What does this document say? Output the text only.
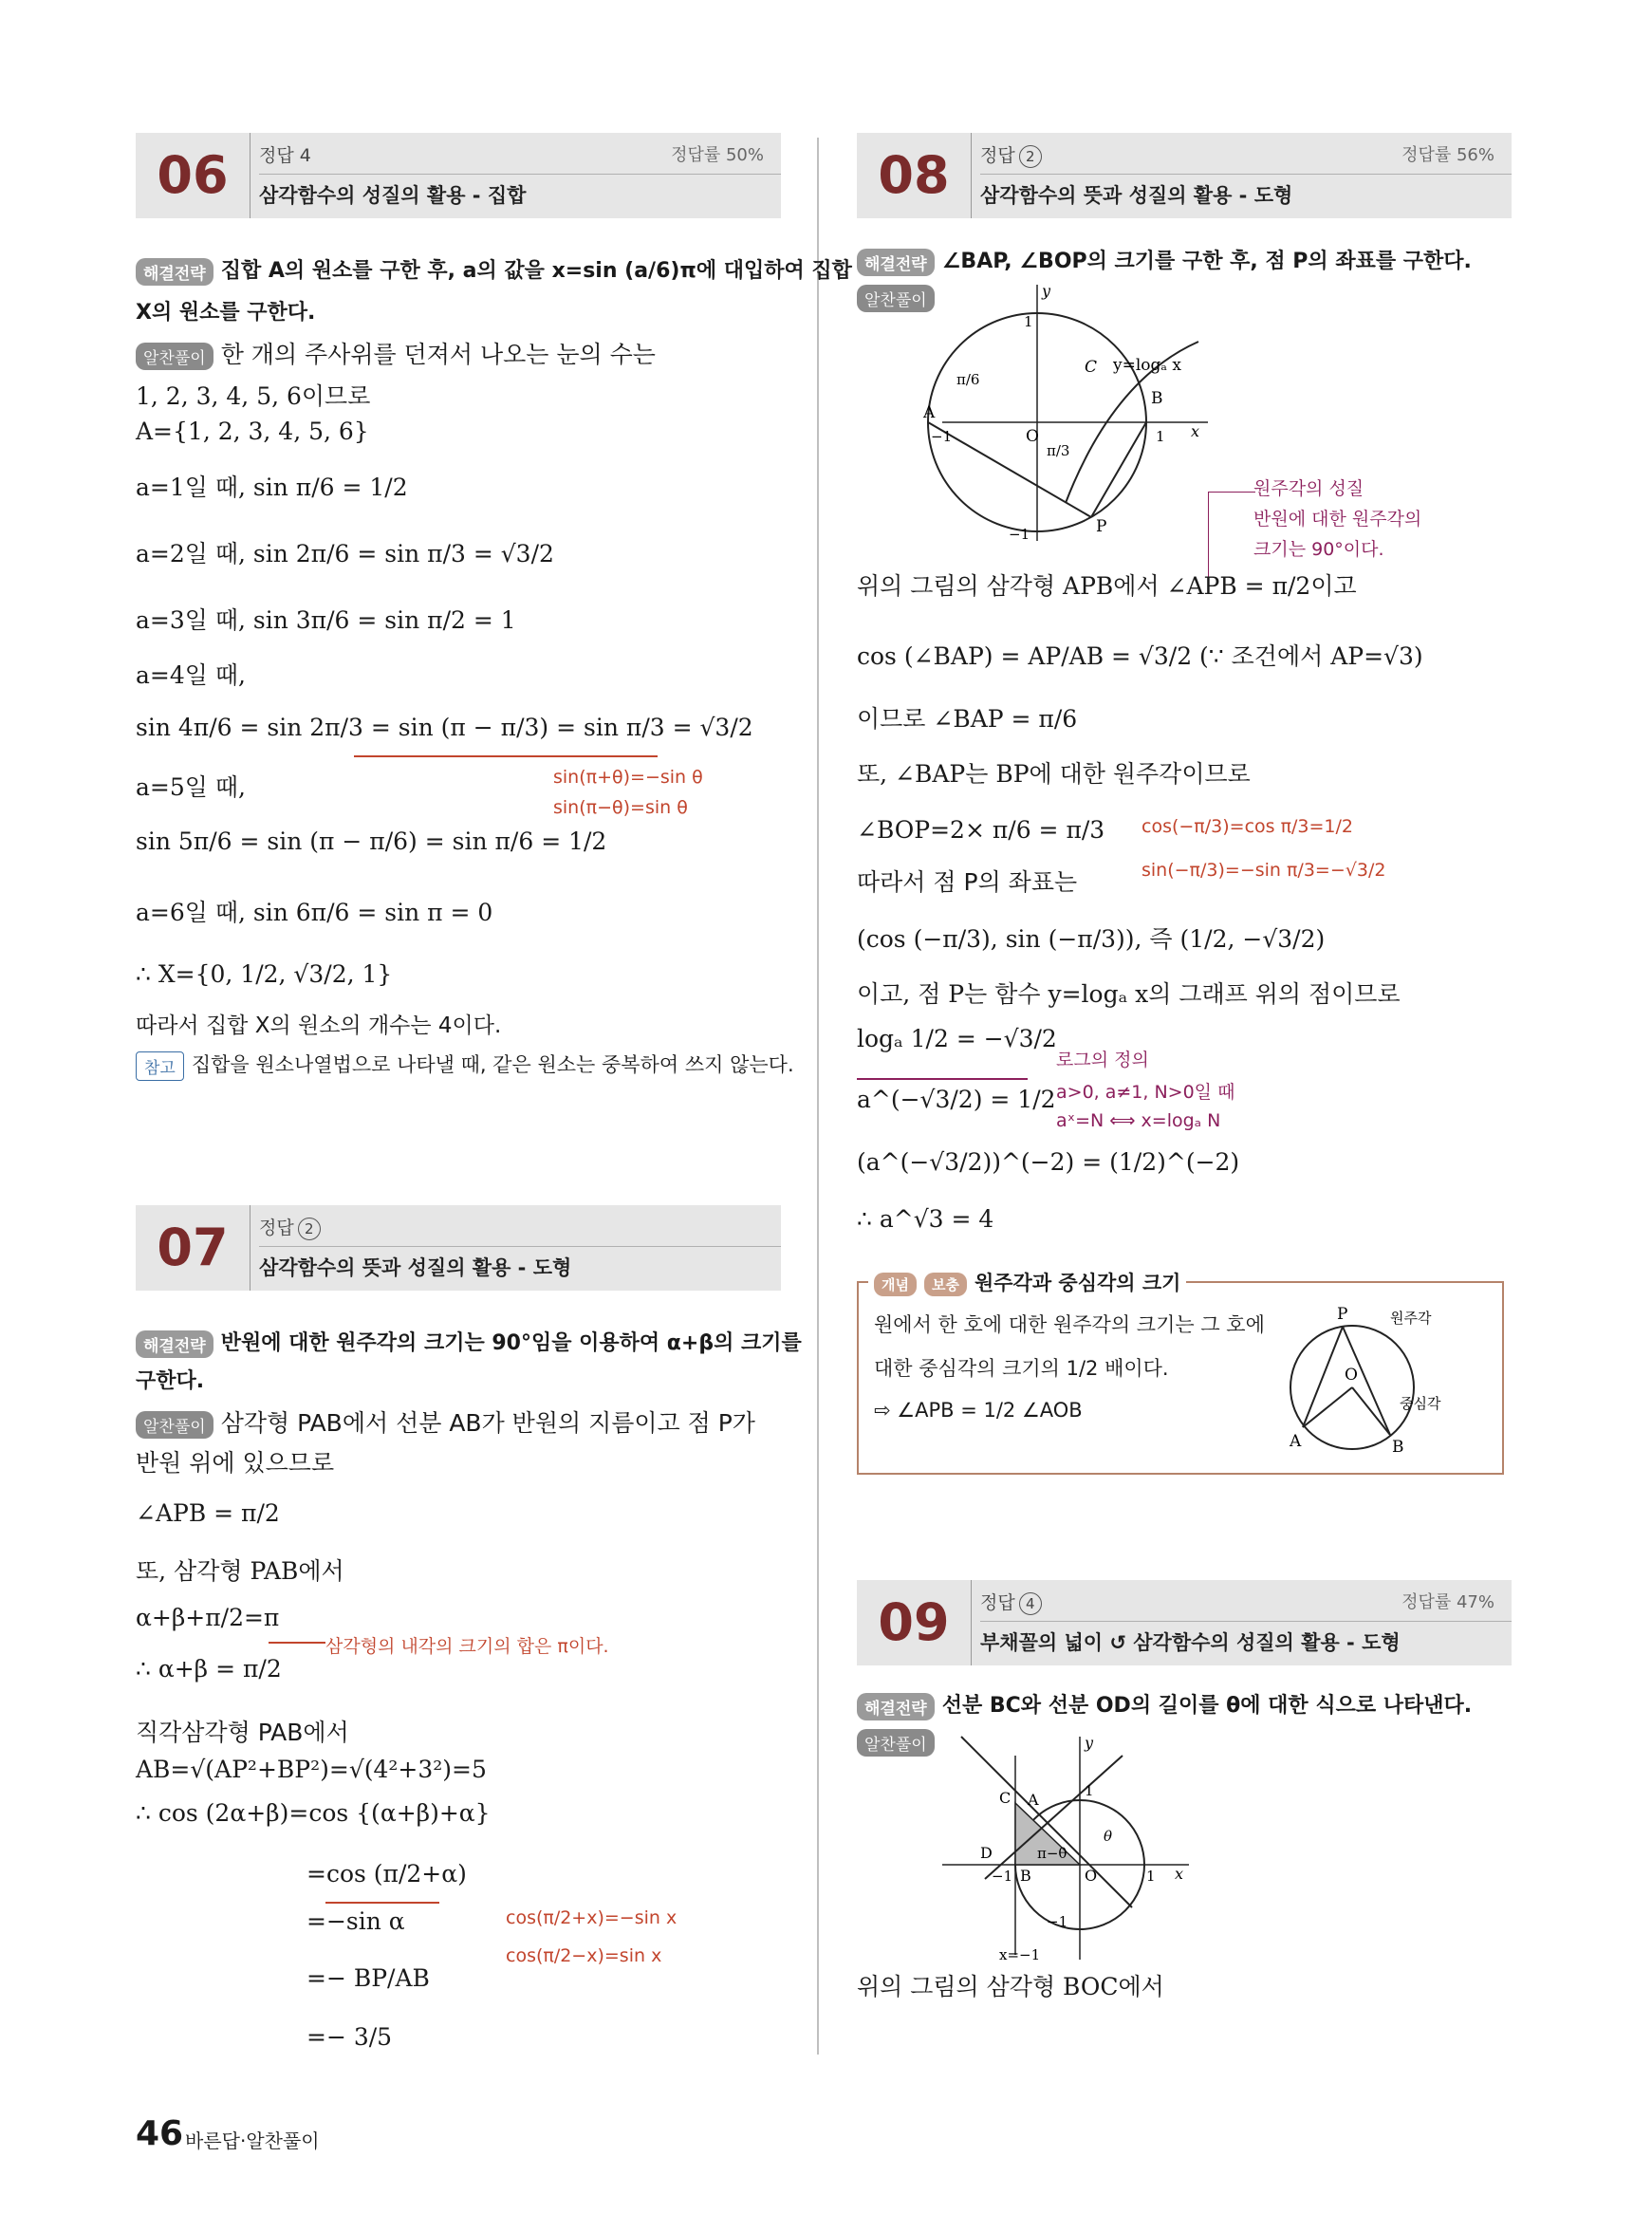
06	정답 4	정답률 50%
삼각함수의 성질의 활용 - 집합
해결전략 집합 A의 원소를 구한 후, a의 값을 x=sin (a/6)π에 대입하여 집합
X의 원소를 구한다.
알찬풀이 한 개의 주사위를 던져서 나오는 눈의 수는
1, 2, 3, 4, 5, 6이므로
A={1, 2, 3, 4, 5, 6}
a=1일 때, sin π/6 = 1/2
a=2일 때, sin 2π/6 = sin π/3 = √3/2
a=3일 때, sin 3π/6 = sin π/2 = 1
a=4일 때,
sin 4π/6 = sin 2π/3 = sin (π − π/3) = sin π/3 = √3/2
sin(π+θ)=−sin θ
sin(π−θ)=sin θ
a=5일 때,
sin 5π/6 = sin (π − π/6) = sin π/6 = 1/2
a=6일 때, sin 6π/6 = sin π = 0
∴ X={0, 1/2, √3/2, 1}
따라서 집합 X의 원소의 개수는 4이다.
참고 집합을 원소나열법으로 나타낼 때, 같은 원소는 중복하여 쓰지 않는다.
07	정답 2
삼각함수의 뜻과 성질의 활용 - 도형
해결전략 반원에 대한 원주각의 크기는 90°임을 이용하여 α+β의 크기를
구한다.
알찬풀이 삼각형 PAB에서 선분 AB가 반원의 지름이고 점 P가
반원 위에 있으므로
∠APB = π/2
또, 삼각형 PAB에서
α+β+π/2=π
삼각형의 내각의 크기의 합은 π이다.
∴ α+β = π/2
직각삼각형 PAB에서
AB=√(AP²+BP²)=√(4²+3²)=5
∴ cos (2α+β)=cos {(α+β)+α}
=cos (π/2+α)
=−sin α	cos(π/2+x)=−sin x
cos(π/2−x)=sin x
=− BP/AB
=− 3/5
08	정답 2	정답률 56%
삼각함수의 뜻과 성질의 활용 - 도형
해결전략 ∠BAP, ∠BOP의 크기를 구한 후, 점 P의 좌표를 구한다.
알찬풀이
y
x
y=logₐ x
C
B
A
O
P
1
1
−1
−1
π/6
π/3
원주각의 성질
반원에 대한 원주각의
크기는 90°이다.
위의 그림의 삼각형 APB에서 ∠APB = π/2이고
cos (∠BAP) = AP/AB = √3/2 (∵ 조건에서 AP=√3)
이므로 ∠BAP = π/6
또, ∠BAP는 BP에 대한 원주각이므로
∠BOP=2× π/6 = π/3 cos(−π/3)=cos π/3=1/2
sin(−π/3)=−sin π/3=−√3/2
따라서 점 P의 좌표는
(cos (−π/3), sin (−π/3)), 즉 (1/2, −√3/2)
이고, 점 P는 함수 y=logₐ x의 그래프 위의 점이므로
logₐ 1/2 = −√3/2
로그의 정의
a>0, a≠1, N>0일 때
aˣ=N ⟺ x=logₐ N
a^(−√3/2) = 1/2
(a^(−√3/2))^(−2) = (1/2)^(−2)
∴ a^√3 = 4
개념 보충 원주각과 중심각의 크기
원에서 한 호에 대한 원주각의 크기는 그 호에
대한 중심각의 크기의 1/2 배이다.
⇨ ∠APB = 1/2 ∠AOB
P
O
A	B
원주각
중심각
09	정답 4	정답률 47%
부채꼴의 넓이 ↺ 삼각함수의 성질의 활용 - 도형
해결전략 선분 BC와 선분 OD의 길이를 θ에 대한 식으로 나타낸다.
알찬풀이	y
x
C A
D
B	O
1
1
−1
−1
π−θ
θ
x=−1
위의 그림의 삼각형 BOC에서
46 바른답·알찬풀이
